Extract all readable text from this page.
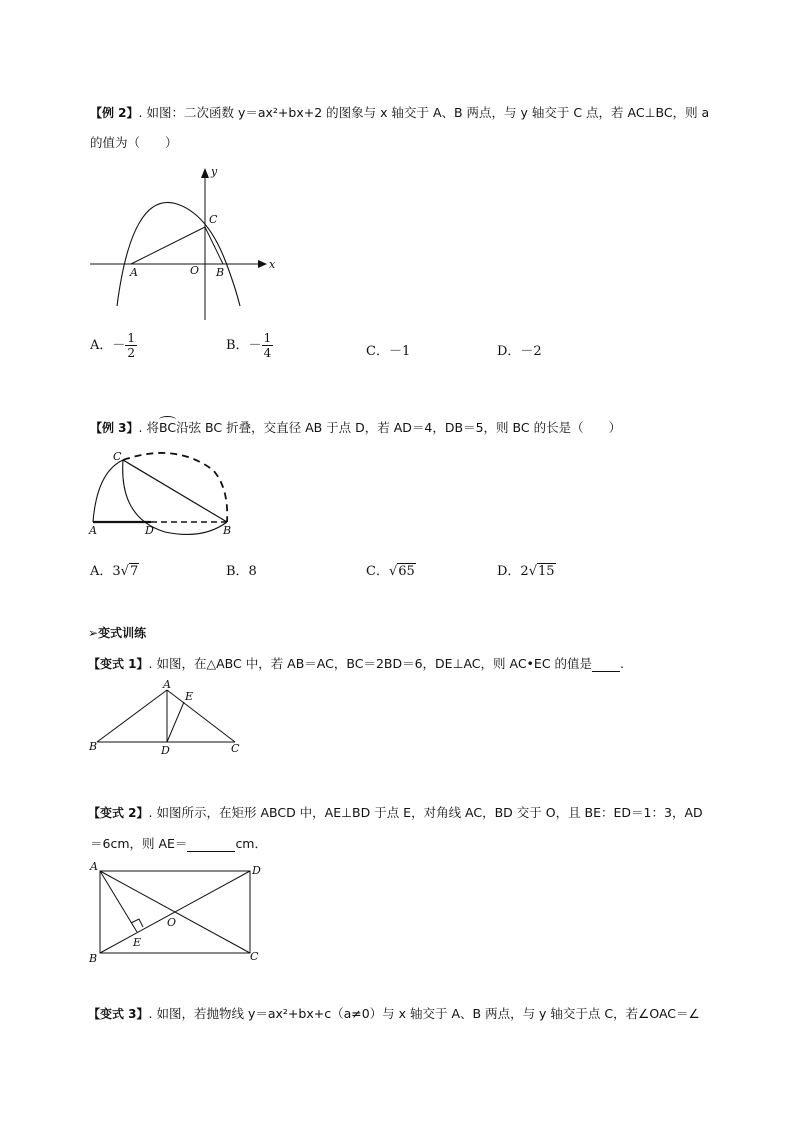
【例 2】. 如图：二次函数 y＝ax²+bx+2 的图象与 x 轴交于 A、B 两点，与 y 轴交于 C 点，若 AC⊥BC，则 a
的值为（　　）
y
x
C
A	O B
A．－ $\frac{1}{2}$	B．－ $\frac{1}{4}$	C．－1	D．－2
【例 3】. 将BC沿弦 BC 折叠，交直径 AB 于点 D，若 AD＝4，DB＝5，则 BC 的长是（　　）
C
A	D	B
A．3√7	B．8	C．√65	D．2√15
➢变式训练
【变式 1】. 如图，在△ABC 中，若 AB＝AC，BC＝2BD＝6，DE⊥AC，则 AC•EC 的值是 .
A
E
B	D	C
【变式 2】. 如图所示，在矩形 ABCD 中，AE⊥BD 于点 E，对角线 AC，BD 交于 O，且 BE：ED＝1：3，AD
＝6cm，则 AE＝	cm．
A	D
O
E
B	C
【变式 3】. 如图，若抛物线 y＝ax²+bx+c（a≠0）与 x 轴交于 A、B 两点，与 y 轴交于点 C，若∠OAC＝∠
